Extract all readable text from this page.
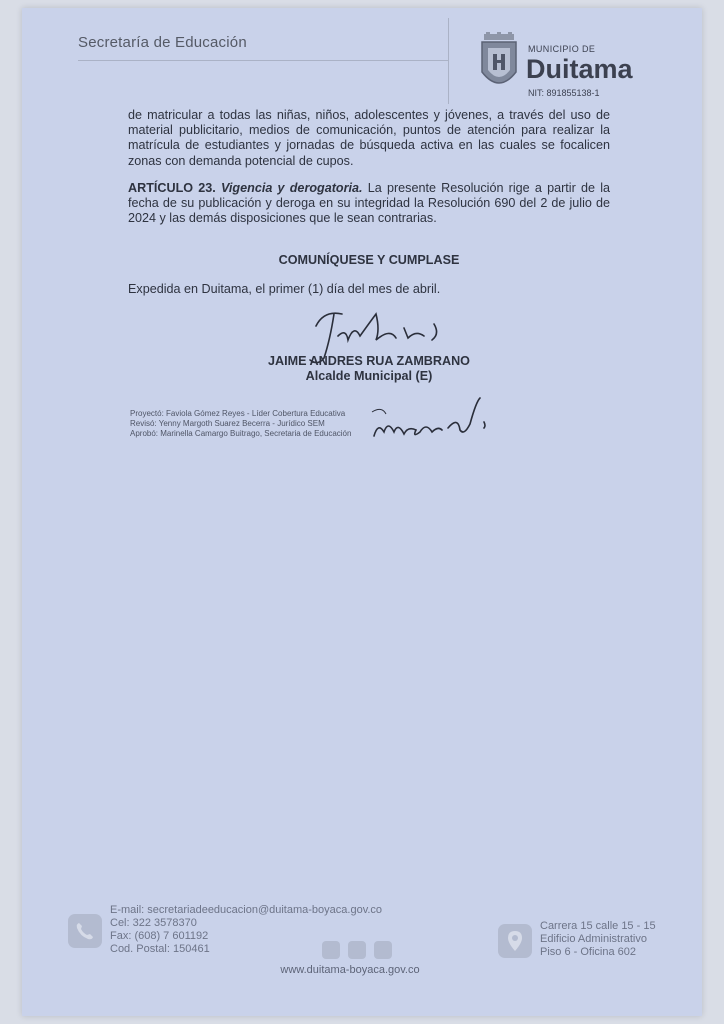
Secretaría de Educación	MUNICIPIO DE
Duitama
NIT: 891855138-1
de matricular a todas las niñas, niños, adolescentes y jóvenes, a través del uso de material publicitario, medios de comunicación, puntos de atención para realizar la matrícula de estudiantes y jornadas de búsqueda activa en las cuales se focalicen zonas con demanda potencial de cupos.
ARTÍCULO 23. Vigencia y derogatoria. La presente Resolución rige a partir de la fecha de su publicación y deroga en su integridad la Resolución 690 del 2 de julio de 2024 y las demás disposiciones que le sean contrarias.
COMUNÍQUESE Y CUMPLASE
Expedida en Duitama, el primer (1) día del mes de abril.
JAIME ANDRES RUA ZAMBRANO
Alcalde Municipal (E)
Proyectó: Faviola Gómez Reyes - Líder Cobertura Educativa
Revisó: Yenny Margoth Suarez Becerra - Jurídico SEM
Aprobó: Marinella Camargo Buitrago, Secretaria de Educación
E-mail: secretariadeeducacion@duitama-boyaca.gov.co
Cel: 322 3578370
Fax: (608) 7 601192
Cod. Postal: 150461
www.duitama-boyaca.gov.co
Carrera 15 calle 15 - 15
Edificio Administrativo
Piso 6 - Oficina 602
